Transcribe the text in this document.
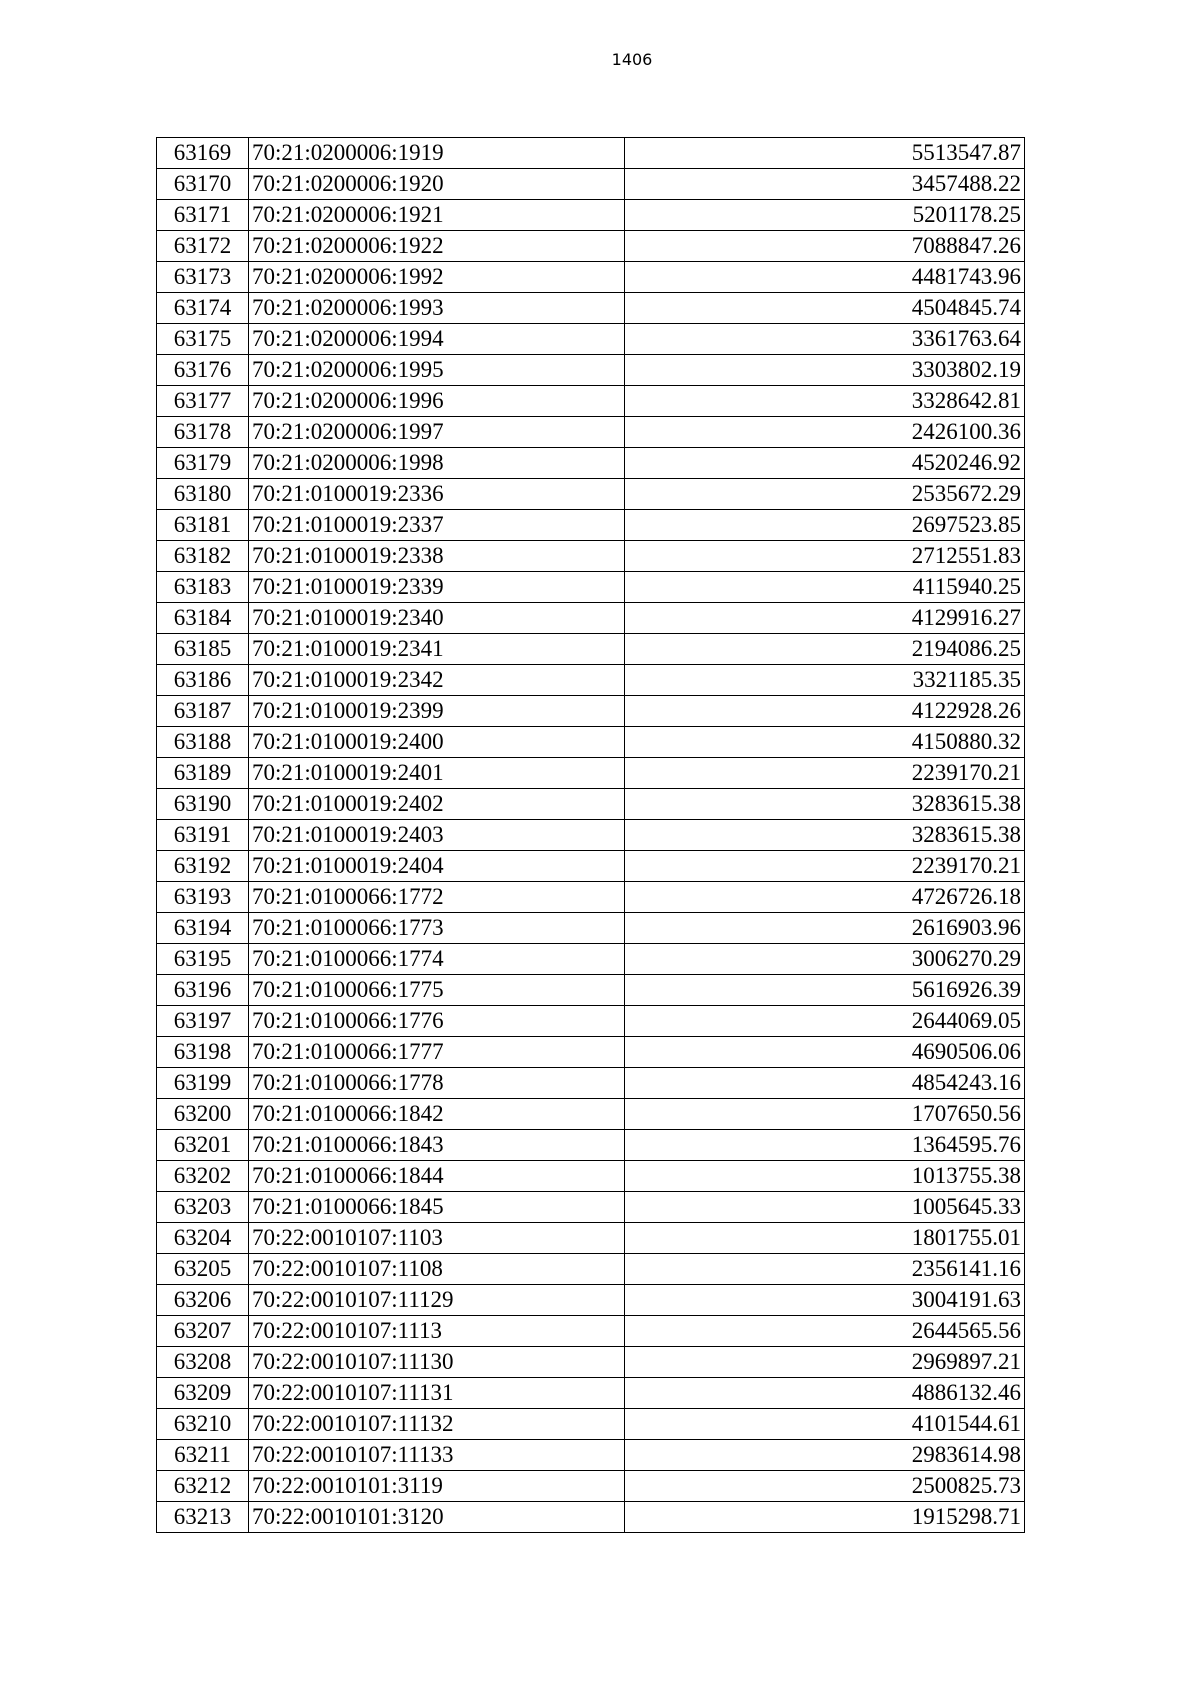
1406
63169	70:21:0200006:1919	5513547.87
63170	70:21:0200006:1920	3457488.22
63171	70:21:0200006:1921	5201178.25
63172	70:21:0200006:1922	7088847.26
63173	70:21:0200006:1992	4481743.96
63174	70:21:0200006:1993	4504845.74
63175	70:21:0200006:1994	3361763.64
63176	70:21:0200006:1995	3303802.19
63177	70:21:0200006:1996	3328642.81
63178	70:21:0200006:1997	2426100.36
63179	70:21:0200006:1998	4520246.92
63180	70:21:0100019:2336	2535672.29
63181	70:21:0100019:2337	2697523.85
63182	70:21:0100019:2338	2712551.83
63183	70:21:0100019:2339	4115940.25
63184	70:21:0100019:2340	4129916.27
63185	70:21:0100019:2341	2194086.25
63186	70:21:0100019:2342	3321185.35
63187	70:21:0100019:2399	4122928.26
63188	70:21:0100019:2400	4150880.32
63189	70:21:0100019:2401	2239170.21
63190	70:21:0100019:2402	3283615.38
63191	70:21:0100019:2403	3283615.38
63192	70:21:0100019:2404	2239170.21
63193	70:21:0100066:1772	4726726.18
63194	70:21:0100066:1773	2616903.96
63195	70:21:0100066:1774	3006270.29
63196	70:21:0100066:1775	5616926.39
63197	70:21:0100066:1776	2644069.05
63198	70:21:0100066:1777	4690506.06
63199	70:21:0100066:1778	4854243.16
63200	70:21:0100066:1842	1707650.56
63201	70:21:0100066:1843	1364595.76
63202	70:21:0100066:1844	1013755.38
63203	70:21:0100066:1845	1005645.33
63204	70:22:0010107:1103	1801755.01
63205	70:22:0010107:1108	2356141.16
63206	70:22:0010107:11129	3004191.63
63207	70:22:0010107:1113	2644565.56
63208	70:22:0010107:11130	2969897.21
63209	70:22:0010107:11131	4886132.46
63210	70:22:0010107:11132	4101544.61
63211	70:22:0010107:11133	2983614.98
63212	70:22:0010101:3119	2500825.73
63213	70:22:0010101:3120	1915298.71
